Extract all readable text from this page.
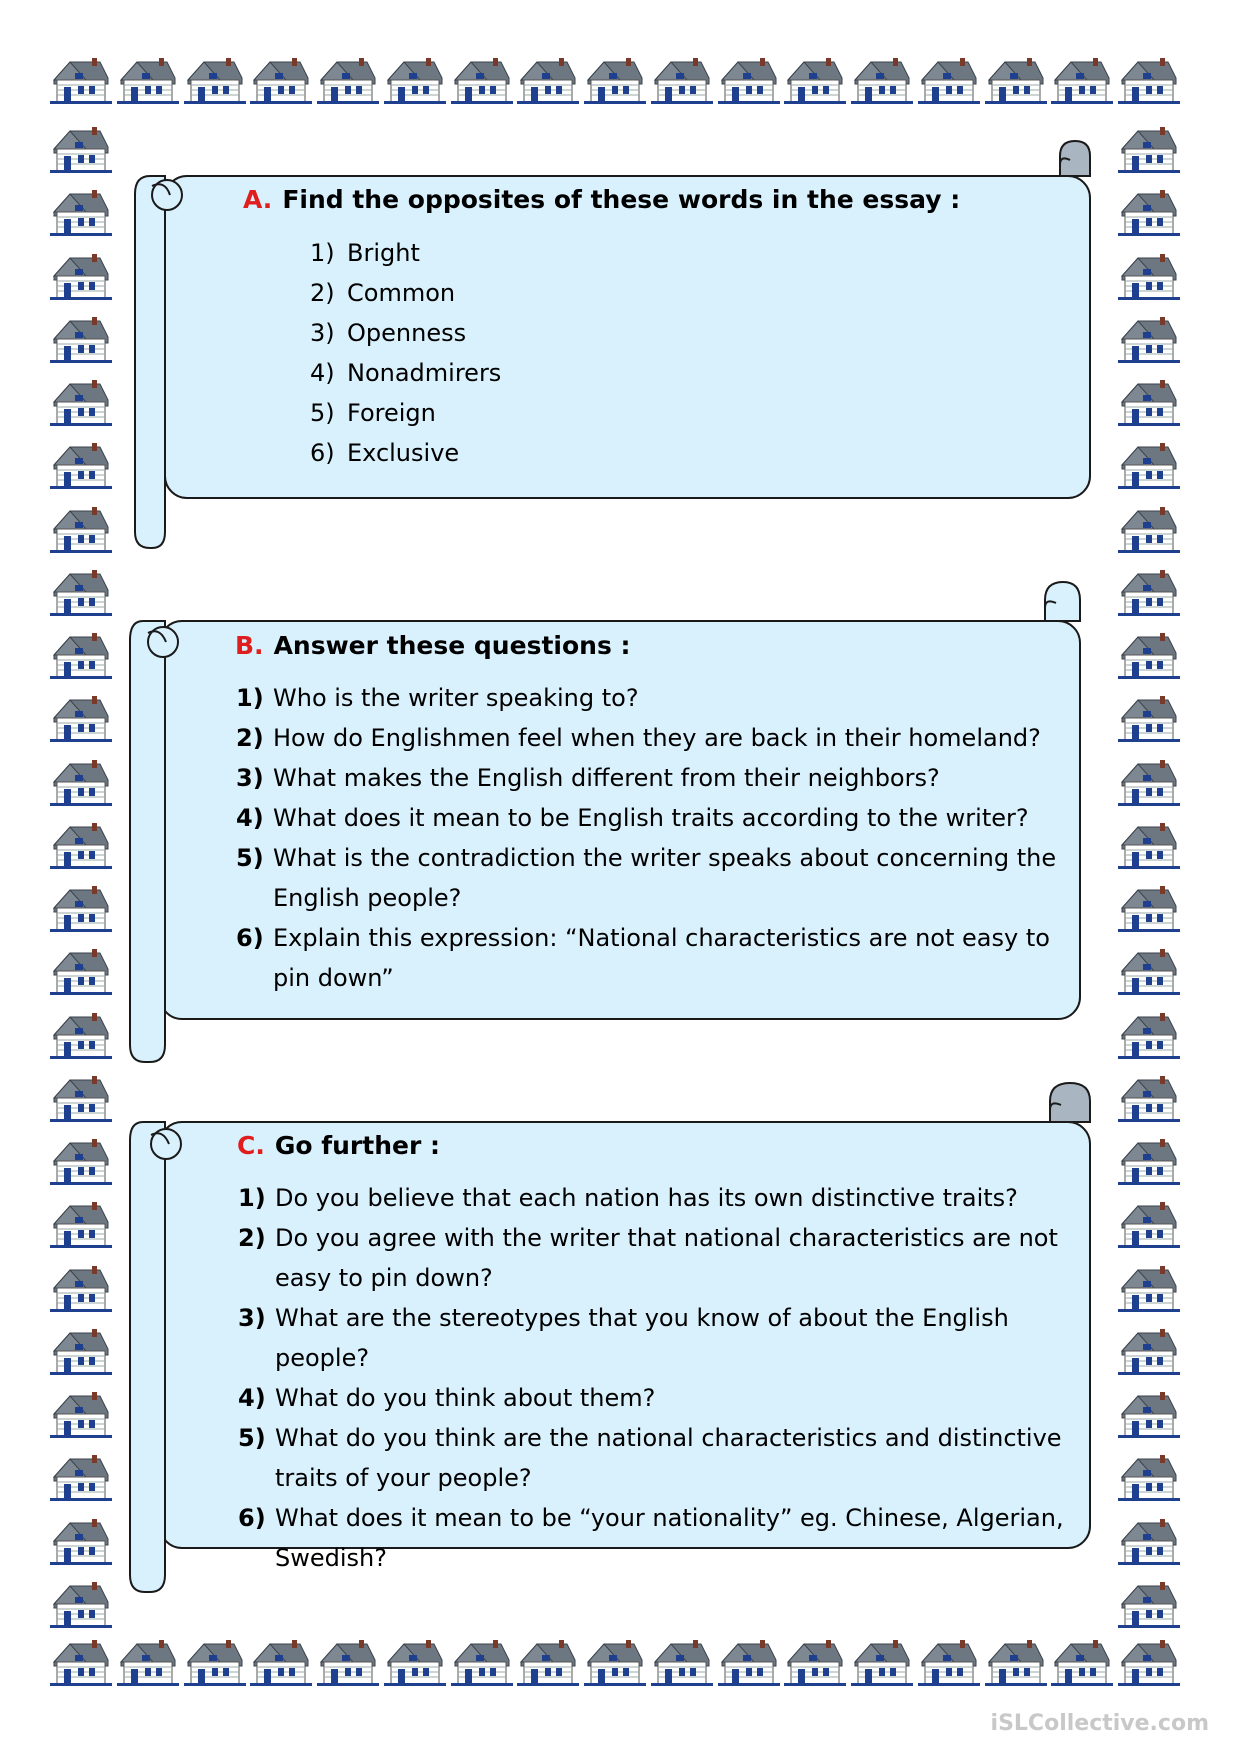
A. Find the opposites of these words in the essay :
1) Bright
2) Common
3) Openness
4) Nonadmirers
5) Foreign
6) Exclusive
B. Answer these questions :
1) Who is the writer speaking to?
2) How do Englishmen feel when they are back in their homeland?
3) What makes the English different from their neighbors?
4) What does it mean to be English traits according to the writer?
5) What is the contradiction the writer speaks about concerning the English people?
6) Explain this expression: “National characteristics are not easy to pin down”
C. Go further :
1) Do you believe that each nation has its own distinctive traits?
2) Do you agree with the writer that national characteristics are not easy to pin down?
3) What are the stereotypes that you know of about the English people?
4) What do you think about them?
5) What do you think are the national characteristics and distinctive traits of your people?
6) What does it mean to be “your nationality” eg. Chinese, Algerian, Swedish?
iSLCollective.com
